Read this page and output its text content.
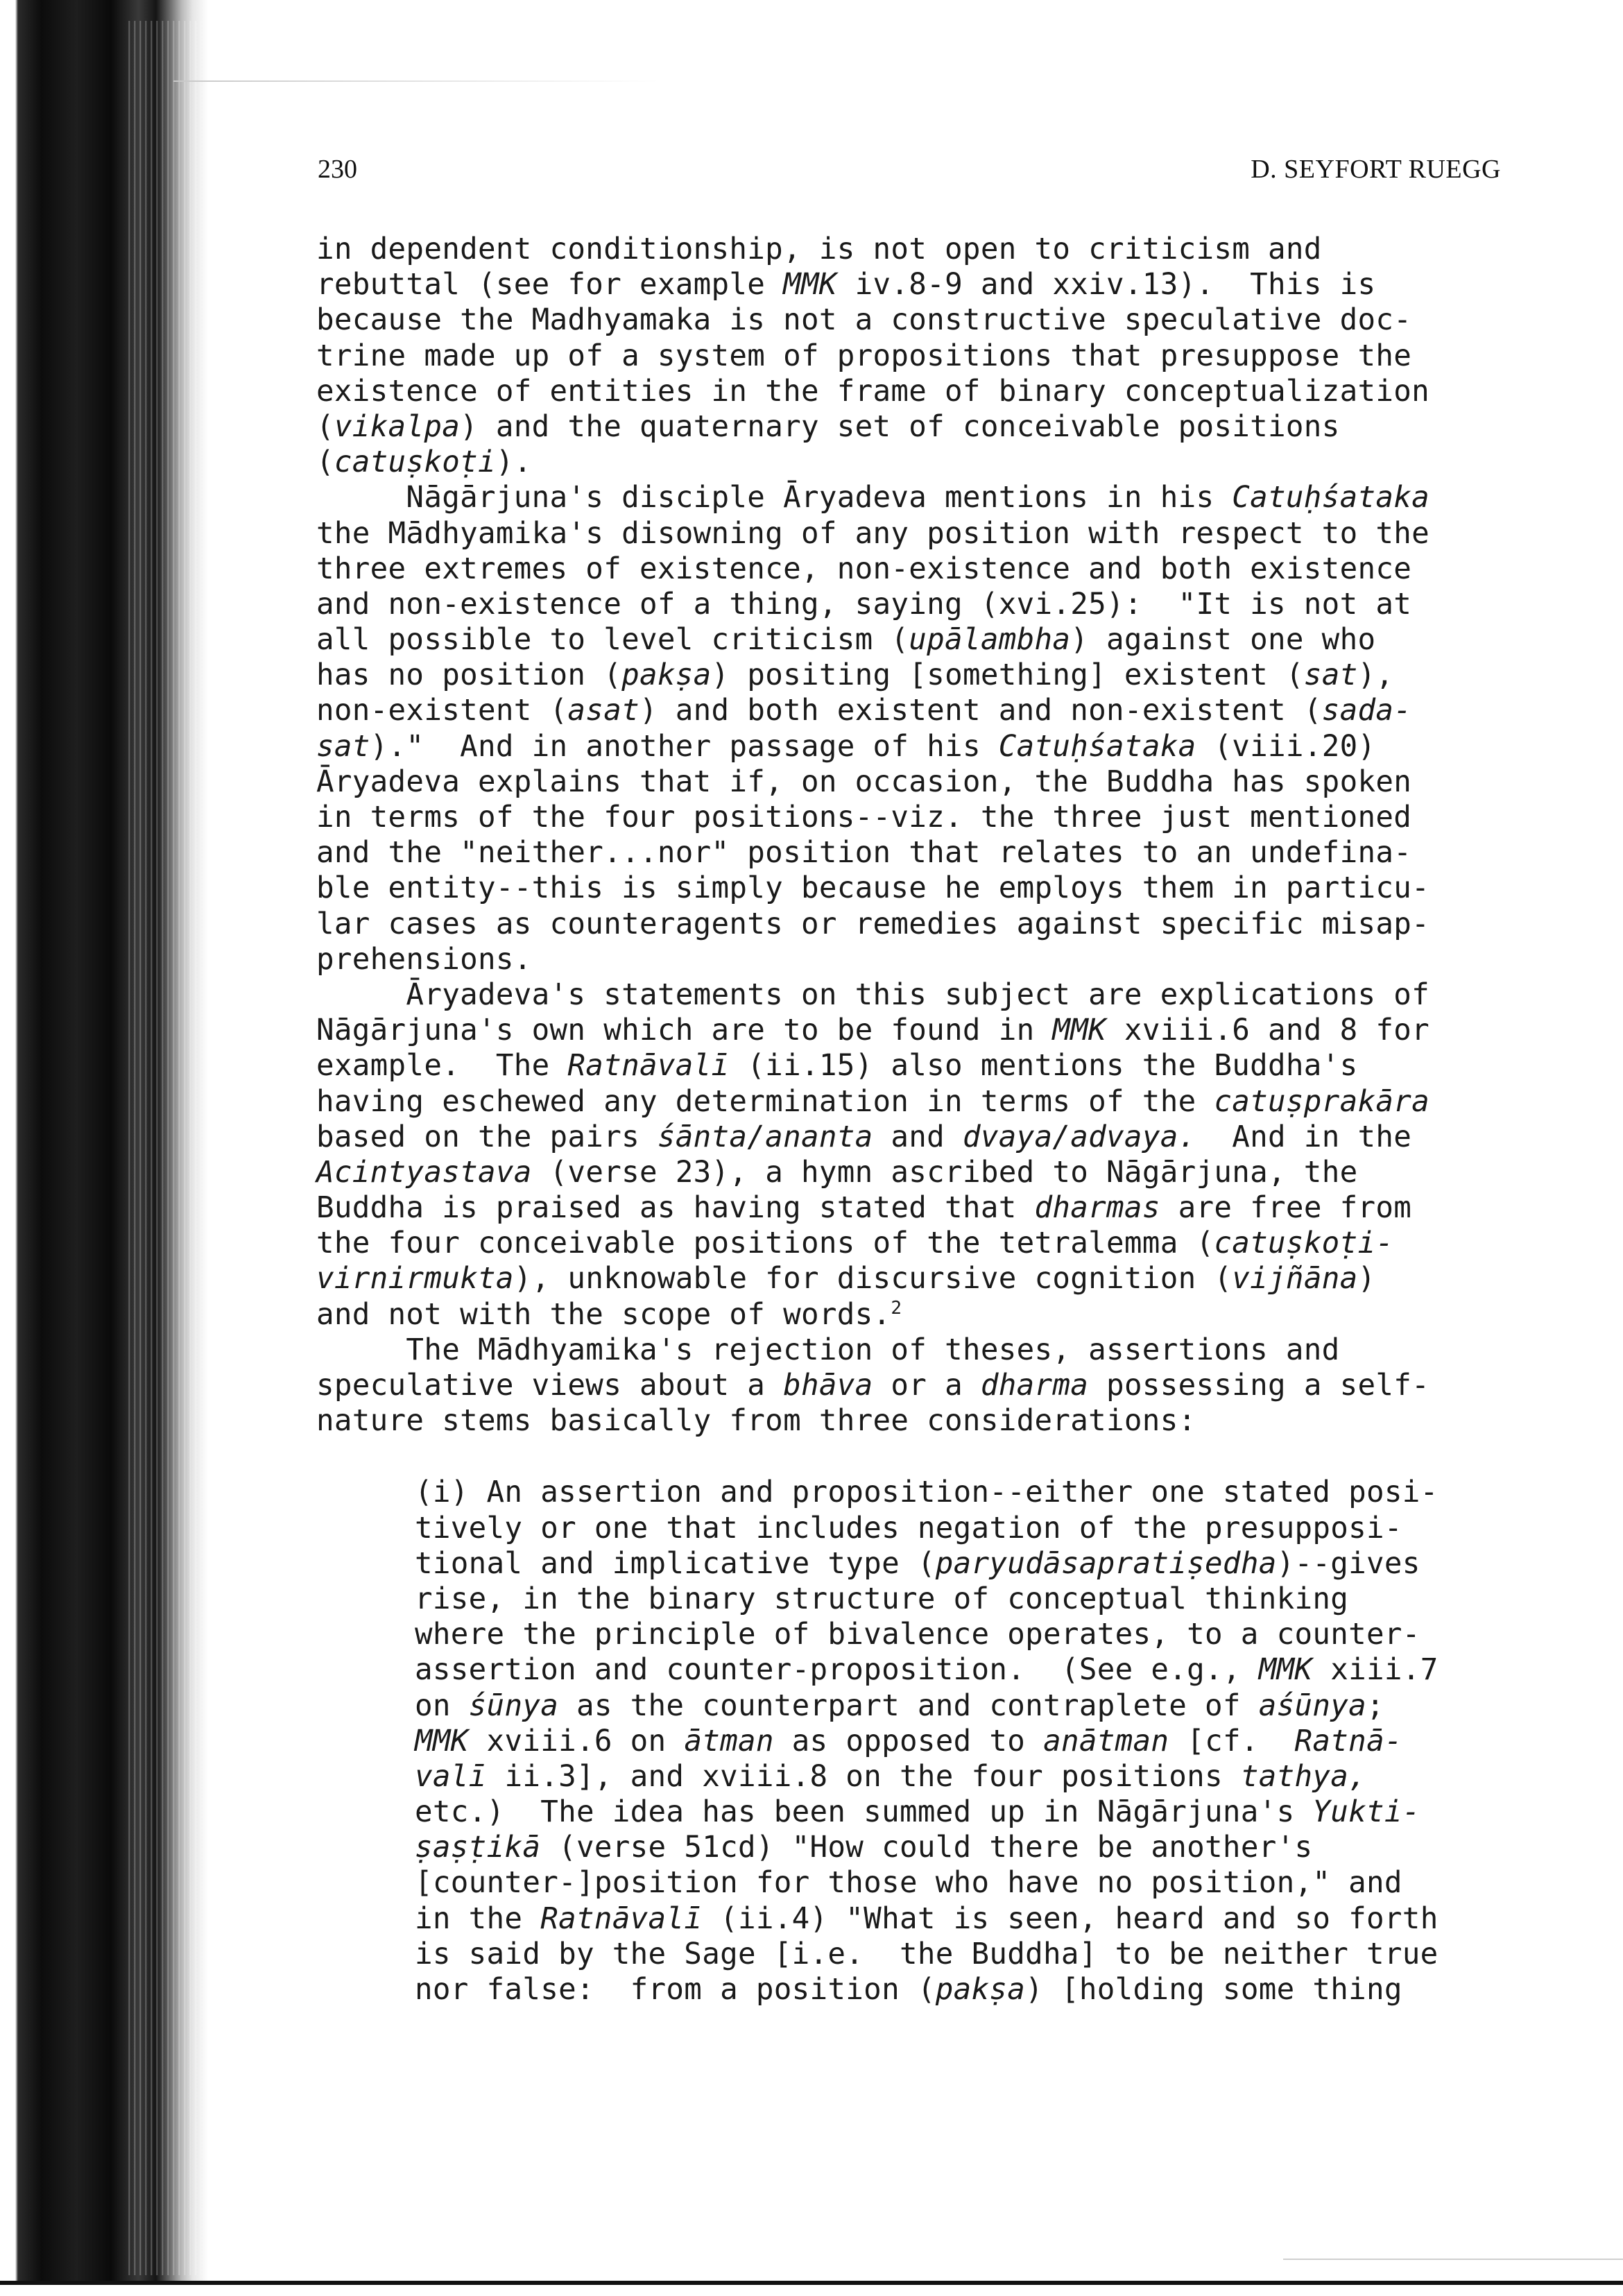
230	D. SEYFORT RUEGG
in dependent conditionship, is not open to criticism and
rebuttal (see for example MMK iv.8-9 and xxiv.13).  This is
because the Madhyamaka is not a constructive speculative doc-
trine made up of a system of propositions that presuppose the
existence of entities in the frame of binary conceptualization
(vikalpa) and the quaternary set of conceivable positions
(catuṣkoṭi).
Nāgārjuna's disciple Āryadeva mentions in his Catuḥśataka
the Mādhyamika's disowning of any position with respect to the
three extremes of existence, non-existence and both existence
and non-existence of a thing, saying (xvi.25):  "It is not at
all possible to level criticism (upālambha) against one who
has no position (pakṣa) positing [something] existent (sat),
non-existent (asat) and both existent and non-existent (sada-
sat)."  And in another passage of his Catuḥśataka (viii.20)
Āryadeva explains that if, on occasion, the Buddha has spoken
in terms of the four positions--viz. the three just mentioned
and the "neither...nor" position that relates to an undefina-
ble entity--this is simply because he employs them in particu-
lar cases as counteragents or remedies against specific misap-
prehensions.
Āryadeva's statements on this subject are explications of
Nāgārjuna's own which are to be found in MMK xviii.6 and 8 for
example.  The Ratnāvalī (ii.15) also mentions the Buddha's
having eschewed any determination in terms of the catuṣprakāra
based on the pairs śānta/ananta and dvaya/advaya.  And in the
Acintyastava (verse 23), a hymn ascribed to Nāgārjuna, the
Buddha is praised as having stated that dharmas are free from
the four conceivable positions of the tetralemma (catuṣkoṭi-
virnirmukta), unknowable for discursive cognition (vijñāna)
and not with the scope of words.$^2$
The Mādhyamika's rejection of theses, assertions and
speculative views about a bhāva or a dharma possessing a self-
nature stems basically from three considerations:
(i) An assertion and proposition--either one stated posi-
tively or one that includes negation of the presupposi-
tional and implicative type (paryudāsapratiṣedha)--gives
rise, in the binary structure of conceptual thinking
where the principle of bivalence operates, to a counter-
assertion and counter-proposition.  (See e.g., MMK xiii.7
on śūnya as the counterpart and contraplete of aśūnya;
MMK xviii.6 on ātman as opposed to anātman [cf.  Ratnā-
valī ii.3], and xviii.8 on the four positions tathya,
etc.)  The idea has been summed up in Nāgārjuna's Yukti-
ṣaṣṭikā (verse 51cd) "How could there be another's
[counter-]position for those who have no position," and
in the Ratnāvalī (ii.4) "What is seen, heard and so forth
is said by the Sage [i.e.  the Buddha] to be neither true
nor false:  from a position (pakṣa) [holding some thing
